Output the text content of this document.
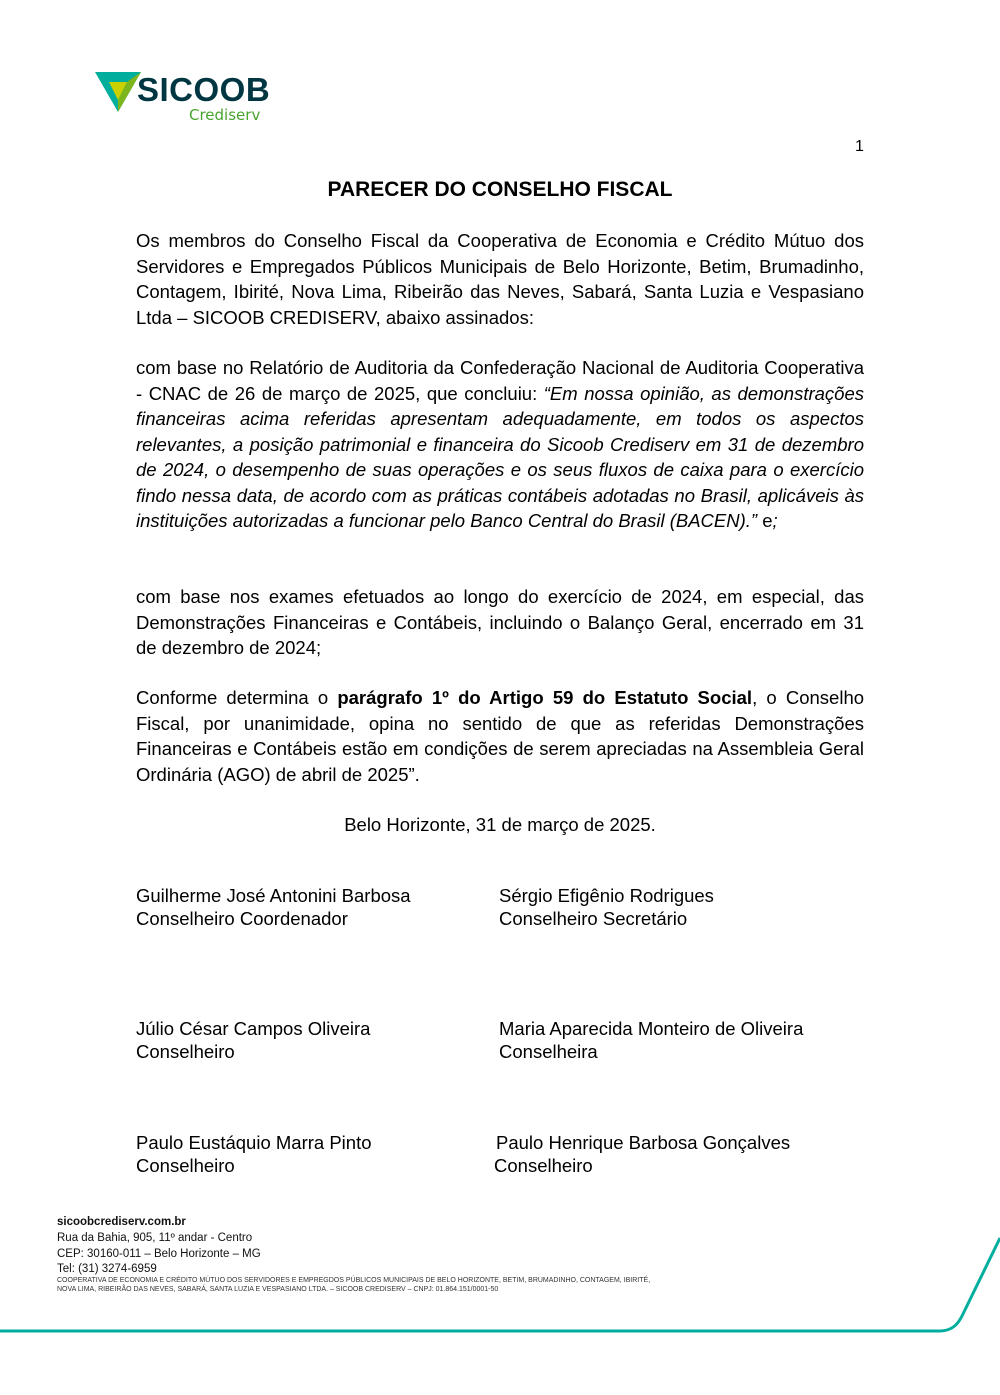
SICOOB
Crediserv
1
PARECER DO CONSELHO FISCAL
Os membros do Conselho Fiscal da Cooperativa de Economia e Crédito Mútuo dos Servidores e Empregados Públicos Municipais de Belo Horizonte, Betim, Brumadinho, Contagem, Ibirité, Nova Lima, Ribeirão das Neves, Sabará, Santa Luzia e Vespasiano Ltda – SICOOB CREDISERV, abaixo assinados:
com base no Relatório de Auditoria da Confederação Nacional de Auditoria Cooperativa - CNAC de 26 de março de 2025, que concluiu: “Em nossa opinião, as demonstrações financeiras acima referidas apresentam adequadamente, em todos os aspectos relevantes, a posição patrimonial e financeira do Sicoob Crediserv em 31 de dezembro de 2024, o desempenho de suas operações e os seus fluxos de caixa para o exercício findo nessa data, de acordo com as práticas contábeis adotadas no Brasil, aplicáveis às instituições autorizadas a funcionar pelo Banco Central do Brasil (BACEN).” e;
com base nos exames efetuados ao longo do exercício de 2024, em especial, das Demonstrações Financeiras e Contábeis, incluindo o Balanço Geral, encerrado em 31 de dezembro de 2024;
Conforme determina o parágrafo 1º do Artigo 59 do Estatuto Social, o Conselho Fiscal, por unanimidade, opina no sentido de que as referidas Demonstrações Financeiras e Contábeis estão em condições de serem apreciadas na Assembleia Geral Ordinária (AGO) de abril de 2025”.
Belo Horizonte, 31 de março de 2025.
Guilherme José Antonini Barbosa
Conselheiro Coordenador
Sérgio Efigênio Rodrigues
Conselheiro Secretário
Júlio César Campos Oliveira
Conselheiro
Maria Aparecida Monteiro de Oliveira
Conselheira
Paulo Eustáquio Marra Pinto
Conselheiro
Paulo Henrique Barbosa Gonçalves
Conselheiro
sicoobcrediserv.com.br
Rua da Bahia, 905, 11º andar - Centro
CEP: 30160-011 – Belo Horizonte – MG
Tel: (31) 3274-6959
COOPERATIVA DE ECONOMIA E CRÉDITO MÚTUO DOS SERVIDORES E EMPREGDOS PÚBLICOS MUNICIPAIS DE BELO HORIZONTE, BETIM, BRUMADINHO, CONTAGEM, IBIRITÉ,
NOVA LIMA, RIBEIRÃO DAS NEVES, SABARÁ, SANTA LUZIA E VESPASIANO LTDA. – SICOOB CREDISERV – CNPJ: 01.864.151/0001-50
